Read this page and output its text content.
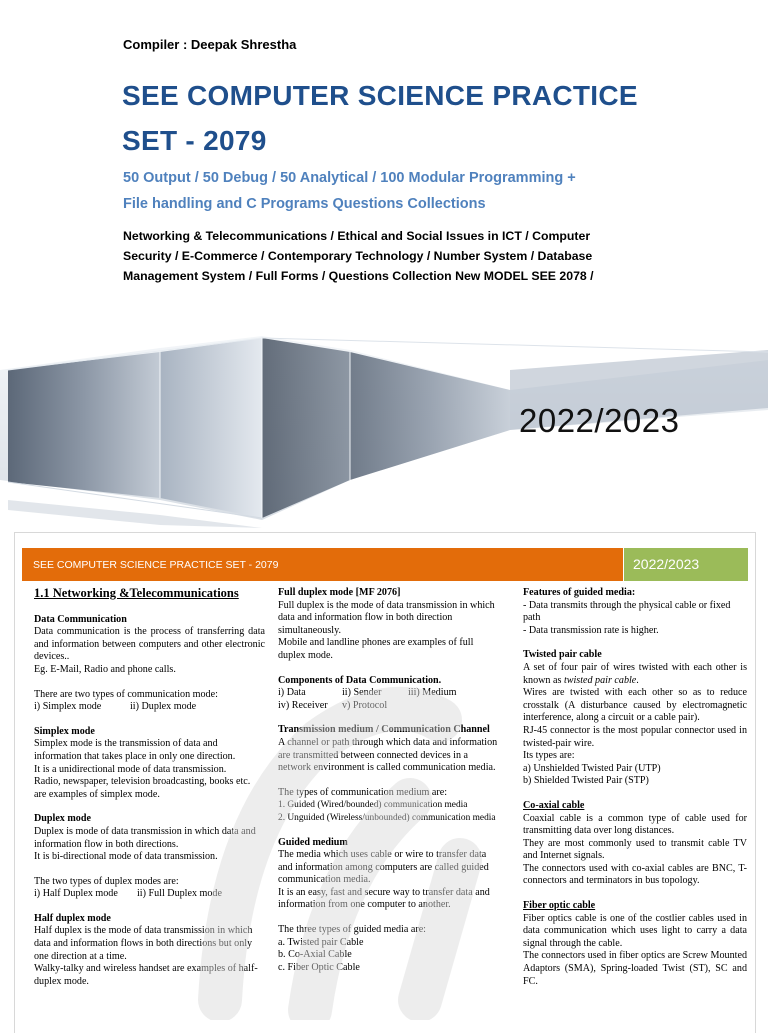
Compiler : Deepak Shrestha
SEE COMPUTER SCIENCE PRACTICE
SET - 2079
50 Output / 50 Debug / 50 Analytical / 100 Modular Programming +
File handling and C Programs Questions Collections
Networking & Telecommunications / Ethical and Social Issues in ICT / Computer
Security / E-Commerce / Contemporary Technology / Number System / Database
Management System / Full Forms / Questions Collection New MODEL SEE 2078 /
2022/2023
SEE COMPUTER SCIENCE PRACTICE SET - 2079	2022/2023
1.1 Networking &Telecommunications
Data Communication
Data communication is the process of transferring data and information between computers and other electronic devices..
Eg. E-Mail, Radio and phone calls.
There are two types of communication mode:
i) Simplex mode	ii) Duplex mode
Simplex mode
Simplex mode is the transmission of data and information that takes place in only one direction.
It is a unidirectional mode of data transmission.
Radio, newspaper, television broadcasting, books etc. are examples of simplex mode.
Duplex mode
Duplex is mode of data transmission in which data and information flow in both directions.
It is bi-directional mode of data transmission.
The two types of duplex modes are:
i) Half Duplex mode ii) Full Duplex mode
Half duplex mode
Half duplex is the mode of data transmission in which data and information flows in both directions but only one direction at a time.
Walky-talky and wireless handset are examples of half-duplex mode.
Full duplex mode [MF 2076]
Full duplex is the mode of data transmission in which data and information flow in both direction simultaneously.
Mobile and landline phones are examples of full duplex mode.
Components of Data Communication.
i) Data	ii) Sender	iii) Medium
iv) Receiver v) Protocol
Transmission medium / Communication Channel
A channel or path through which data and information are transmitted between connected devices in a network environment is called communication media.
The types of communication medium are:
1. Guided (Wired/bounded) communication media
2. Unguided (Wireless/unbounded) communication media
Guided medium
The media which uses cable or wire to transfer data and information among computers are called guided communication media.
It is an easy, fast and secure way to transfer data and information from one computer to another.
The three types of guided media are:
a. Twisted pair Cable
b. Co-Axial Cable
c. Fiber Optic Cable
Features of guided media:
- Data transmits through the physical cable or fixed path
- Data transmission rate is higher.
Twisted pair cable
A set of four pair of wires twisted with each other is known as twisted pair cable.
Wires are twisted with each other so as to reduce crosstalk (A disturbance caused by electromagnetic interference, along a circuit or a cable pair).
RJ-45 connector is the most popular connector used in twisted-pair wire.
Its types are:
a) Unshielded Twisted Pair (UTP)
b) Shielded Twisted Pair (STP)
Co-axial cable
Coaxial cable is a common type of cable used for transmitting data over long distances.
They are most commonly used to transmit cable TV and Internet signals.
The connectors used with co-axial cables are BNC, T-connectors and terminators in bus topology.
Fiber optic cable
Fiber optics cable is one of the costlier cables used in data communication which uses light to carry a data signal through the cable.
The connectors used in fiber optics are Screw Mounted Adaptors (SMA), Spring-loaded Twist (ST), SC and FC.
